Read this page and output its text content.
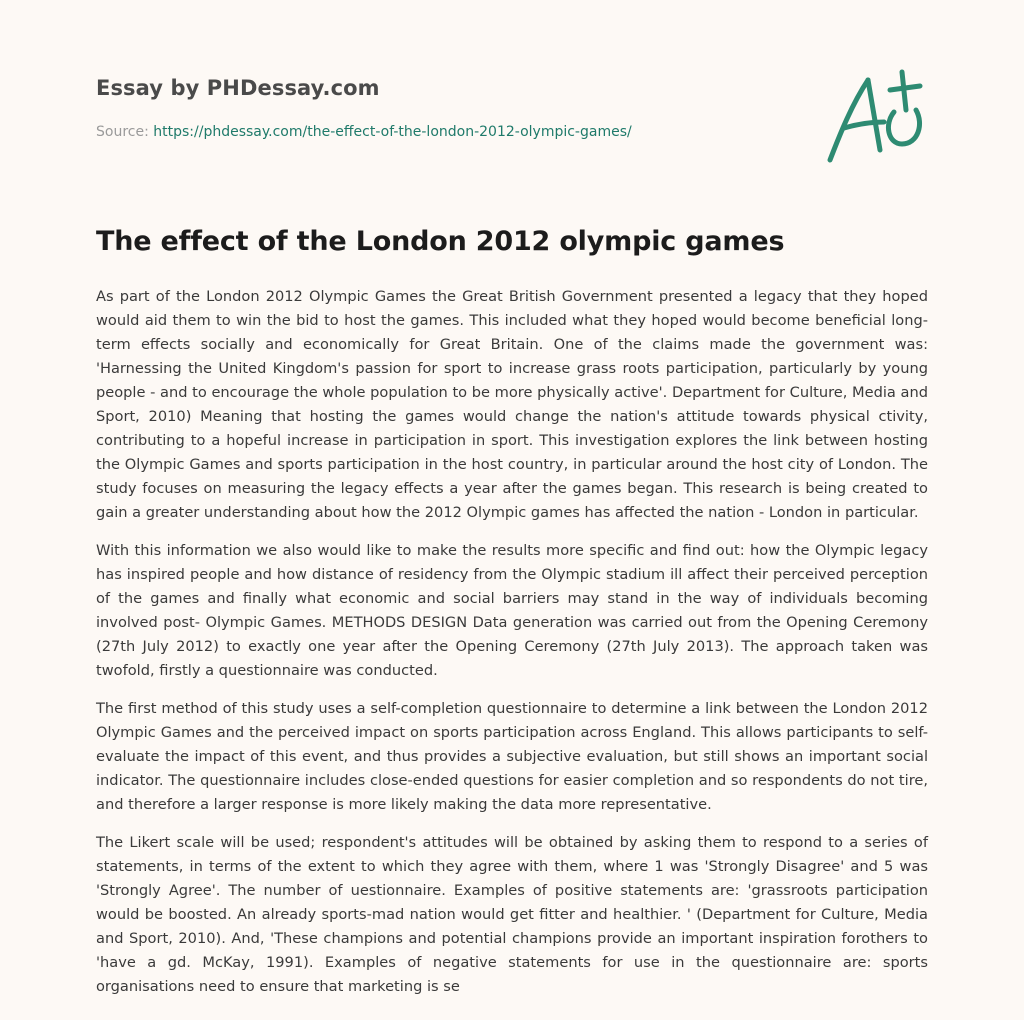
Essay by PHDessay.com

Source: https://phdessay.com/the-effect-of-the-london-2012-olympic-games/

The effect of the London 2012 olympic games

As part of the London 2012 Olympic Games the Great British Government presented a legacy that they hoped would aid them to win the bid to host the games. This included what they hoped would become beneficial long-term effects socially and economically for Great Britain. One of the claims made the government was: 'Harnessing the United Kingdom's passion for sport to increase grass roots participation, particularly by young people - and to encourage the whole population to be more physically active'. Department for Culture, Media and Sport, 2010) Meaning that hosting the games would change the nation's attitude towards physical ctivity, contributing to a hopeful increase in participation in sport. This investigation explores the link between hosting the Olympic Games and sports participation in the host country, in particular around the host city of London. The study focuses on measuring the legacy effects a year after the games began. This research is being created to gain a greater understanding about how the 2012 Olympic games has affected the nation - London in particular.

With this information we also would like to make the results more specific and find out: how the Olympic legacy has inspired people and how distance of residency from the Olympic stadium ill affect their perceived perception of the games and finally what economic and social barriers may stand in the way of individuals becoming involved post- Olympic Games. METHODS DESIGN Data generation was carried out from the Opening Ceremony (27th July 2012) to exactly one year after the Opening Ceremony (27th July 2013). The approach taken was twofold, firstly a questionnaire was conducted.

The first method of this study uses a self-completion questionnaire to determine a link between the London 2012 Olympic Games and the perceived impact on sports participation across England. This allows participants to self-evaluate the impact of this event, and thus provides a subjective evaluation, but still shows an important social indicator. The questionnaire includes close-ended questions for easier completion and so respondents do not tire, and therefore a larger response is more likely making the data more representative.

The Likert scale will be used; respondent's attitudes will be obtained by asking them to respond to a series of statements, in terms of the extent to which they agree with them, where 1 was 'Strongly Disagree' and 5 was 'Strongly Agree'. The number of uestionnaire. Examples of positive statements are: 'grassroots participation would be boosted. An already sports-mad nation would get fitter and healthier. ' (Department for Culture, Media and Sport, 2010). And, 'These champions and potential champions provide an important inspiration forothers to 'have a gd. McKay, 1991). Examples of negative statements for use in the questionnaire are: sports organisations need to ensure that marketing is se
